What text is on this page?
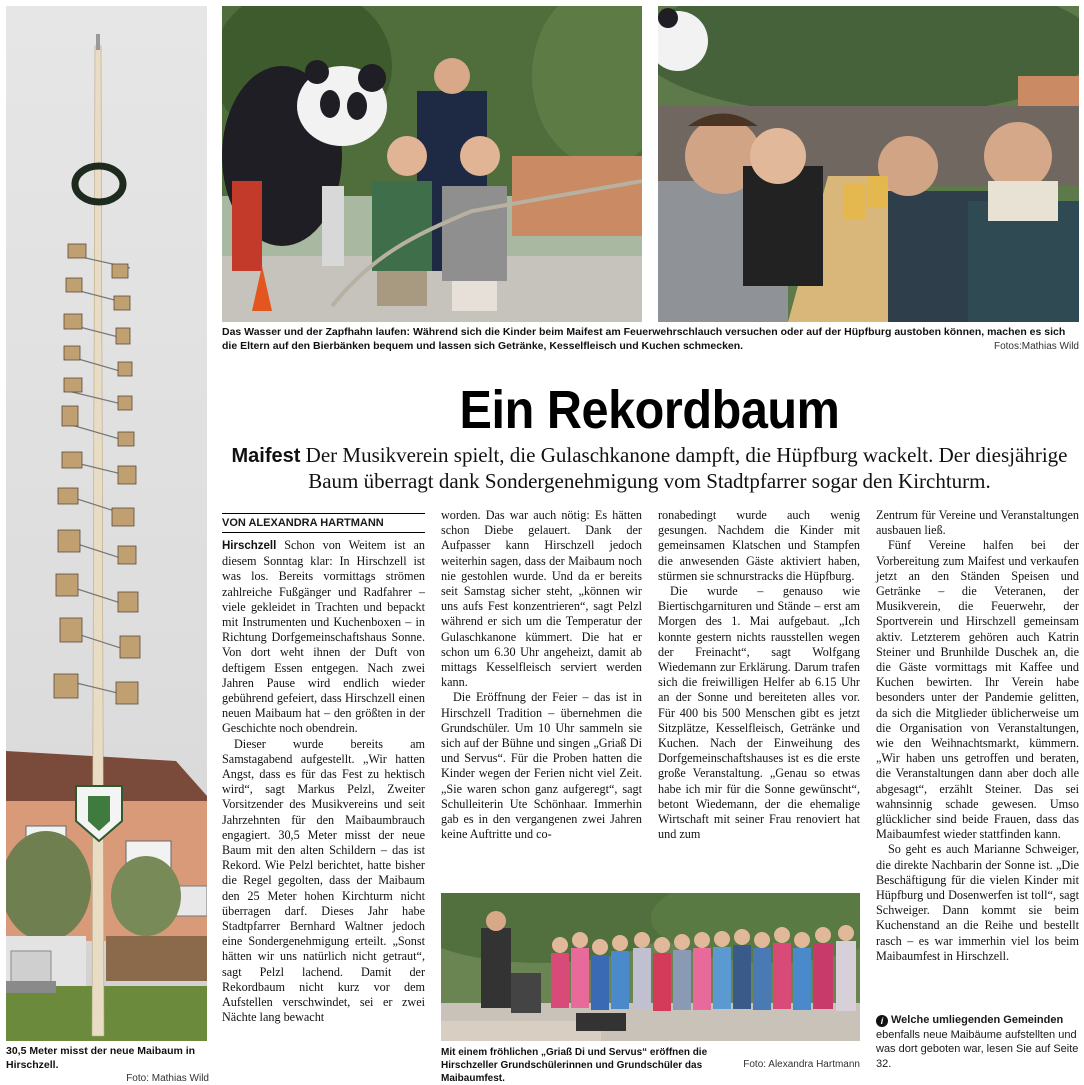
30,5 Meter misst der neue Maibaum in Hirschzell.
Foto: Mathias Wild
Das Wasser und der Zapfhahn laufen: Während sich die Kinder beim Maifest am Feuerwehrschlauch versuchen oder auf der Hüpfburg austoben können, machen es sich die Eltern auf den Bierbänken bequem und lassen sich Getränke, Kesselfleisch und Kuchen schmecken.	Fotos:Mathias Wild
Ein Rekordbaum
Maifest Der Musikverein spielt, die Gulaschkanone dampft, die Hüpfburg wackelt. Der diesjährige Baum überragt dank Sondergenehmigung vom Stadtpfarrer sogar den Kirchturm.
VON ALEXANDRA HARTMANN

Hirschzell Schon von Weitem ist an diesem Sonntag klar: In Hirschzell ist was los. Bereits vormittags strömen zahlreiche Fußgänger und Radfahrer – viele gekleidet in Trachten und bepackt mit Instrumenten und Kuchenboxen – in Richtung Dorfgemeinschaftshaus Sonne. Von dort weht ihnen der Duft von deftigem Essen entgegen. Nach zwei Jahren Pause wird endlich wieder gebührend gefeiert, dass Hirschzell einen neuen Maibaum hat – den größten in der Geschichte noch obendrein.

Dieser wurde bereits am Samstagabend aufgestellt. „Wir hatten Angst, dass es für das Fest zu hektisch wird“, sagt Markus Pelzl, Zweiter Vorsitzender des Musikvereins und seit Jahrzehnten für den Maibaumbrauch engagiert. 30,5 Meter misst der neue Baum mit den alten Schildern – das ist Rekord. Wie Pelzl berichtet, hatte bisher die Regel gegolten, dass der Maibaum den 25 Meter hohen Kirchturm nicht überragen darf. Dieses Jahr habe Stadtpfarrer Bernhard Waltner jedoch eine Sondergenehmigung erteilt. „Sonst hätten wir uns natürlich nicht getraut“, sagt Pelzl lachend. Damit der Rekordbaum nicht kurz vor dem Aufstellen verschwindet, sei er zwei Nächte lang bewacht

worden. Das war auch nötig: Es hätten schon Diebe gelauert. Dank der Aufpasser kann Hirschzell jedoch weiterhin sagen, dass der Maibaum noch nie gestohlen wurde. Und da er bereits seit Samstag sicher steht, „können wir uns aufs Fest konzentrieren“, sagt Pelzl während er sich um die Temperatur der Gulaschkanone kümmert. Die hat er schon um 6.30 Uhr angeheizt, damit ab mittags Kesselfleisch serviert werden kann.

Die Eröffnung der Feier – das ist in Hirschzell Tradition – übernehmen die Grundschüler. Um 10 Uhr sammeln sie sich auf der Bühne und singen „Griaß Di und Servus“. Für die Proben hatten die Kinder wegen der Ferien nicht viel Zeit. „Sie waren schon ganz aufgeregt“, sagt Schulleiterin Ute Schönhaar. Immerhin gab es in den vergangenen zwei Jahren keine Auftritte und co-

ronabedingt wurde auch wenig gesungen. Nachdem die Kinder mit gemeinsamen Klatschen und Stampfen die anwesenden Gäste aktiviert haben, stürmen sie schnurstracks die Hüpfburg.

Die wurde – genauso wie Biertischgarnituren und Stände – erst am Morgen des 1. Mai aufgebaut. „Ich konnte gestern nichts rausstellen wegen der Freinacht“, sagt Wolfgang Wiedemann zur Erklärung. Darum trafen sich die freiwilligen Helfer ab 6.15 Uhr an der Sonne und bereiteten alles vor. Für 400 bis 500 Menschen gibt es jetzt Sitzplätze, Kesselfleisch, Getränke und Kuchen. Nach der Einweihung des Dorfgemeinschaftshauses ist es die erste große Veranstaltung. „Genau so etwas habe ich mir für die Sonne gewünscht“, betont Wiedemann, der die ehemalige Wirtschaft mit seiner Frau renoviert hat und zum

Zentrum für Vereine und Veranstaltungen ausbauen ließ.

Fünf Vereine halfen bei der Vorbereitung zum Maifest und verkaufen jetzt an den Ständen Speisen und Getränke – die Veteranen, der Musikverein, die Feuerwehr, der Sportverein und Hirschzell gemeinsam aktiv. Letzterem gehören auch Katrin Steiner und Brunhilde Duschek an, die die Gäste vormittags mit Kaffee und Kuchen bewirten. Ihr Verein habe besonders unter der Pandemie gelitten, da sich die Mitglieder üblicherweise um die Organisation von Veranstaltungen, wie den Weihnachtsmarkt, kümmern. „Wir haben uns getroffen und beraten, die Veranstaltungen dann aber doch alle abgesagt“, erzählt Steiner. Das sei wahnsinnig schade gewesen. Umso glücklicher sind beide Frauen, dass das Maibaumfest wieder stattfinden kann.

So geht es auch Marianne Schweiger, die direkte Nachbarin der Sonne ist. „Die Beschäftigung für die vielen Kinder mit Hüpfburg und Dosenwerfen ist toll“, sagt Schweiger. Dann kommt sie beim Kuchenstand an die Reihe und bestellt rasch – es war immerhin viel los beim Maibaumfest in Hirschzell.

Mit einem fröhlichen „Griaß Di und Servus“ eröffnen die Hirschzeller Grundschülerinnen und Grundschüler das Maibaumfest.
Foto: Alexandra Hartmann
i Welche umliegenden Gemeinden
ebenfalls neue Maibäume aufstellten und was dort geboten war, lesen Sie auf Seite 32.
